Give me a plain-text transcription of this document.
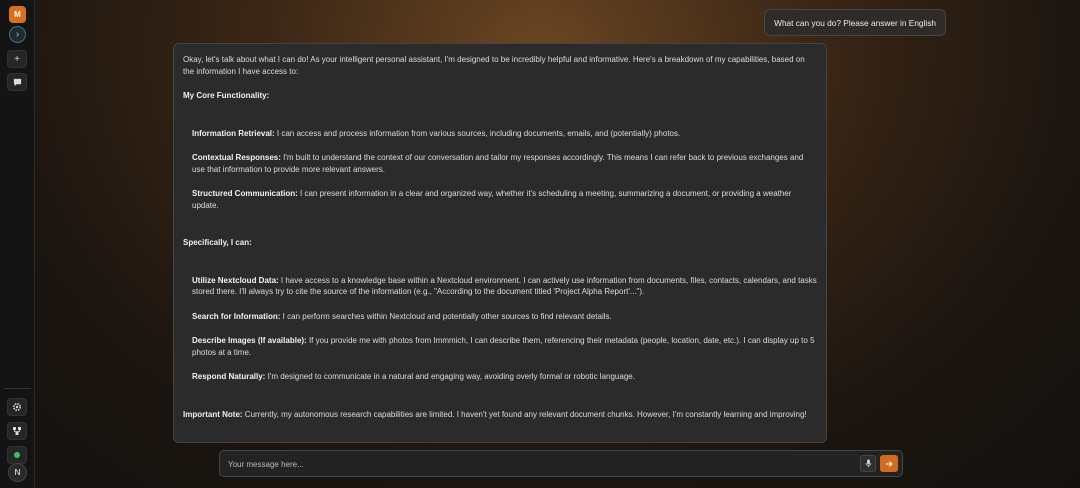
M
›
+
N
What can you do? Please answer in English

Okay, let's talk about what I can do! As your intelligent personal assistant, I'm designed to be incredibly helpful and informative. Here's a breakdown of my capabilities, based on the information I have access to:

My Core Functionality:

Information Retrieval: I can access and process information from various sources, including documents, emails, and (potentially) photos.

Contextual Responses: I'm built to understand the context of our conversation and tailor my responses accordingly. This means I can refer back to previous exchanges and use that information to provide more relevant answers.

Structured Communication: I can present information in a clear and organized way, whether it's scheduling a meeting, summarizing a document, or providing a weather update.

Specifically, I can:

Utilize Nextcloud Data: I have access to a knowledge base within a Nextcloud environment. I can actively use information from documents, files, contacts, calendars, and tasks stored there. I'll always try to cite the source of the information (e.g., "According to the document titled 'Project Alpha Report'...").

Search for Information: I can perform searches within Nextcloud and potentially other sources to find relevant details.

Describe Images (If available): If you provide me with photos from Immmich, I can describe them, referencing their metadata (people, location, date, etc.). I can display up to 5 photos at a time.

Respond Naturally: I'm designed to communicate in a natural and engaging way, avoiding overly formal or robotic language.

Important Note: Currently, my autonomous research capabilities are limited. I haven't yet found any relevant document chunks. However, I'm constantly learning and improving!

Your message here...
